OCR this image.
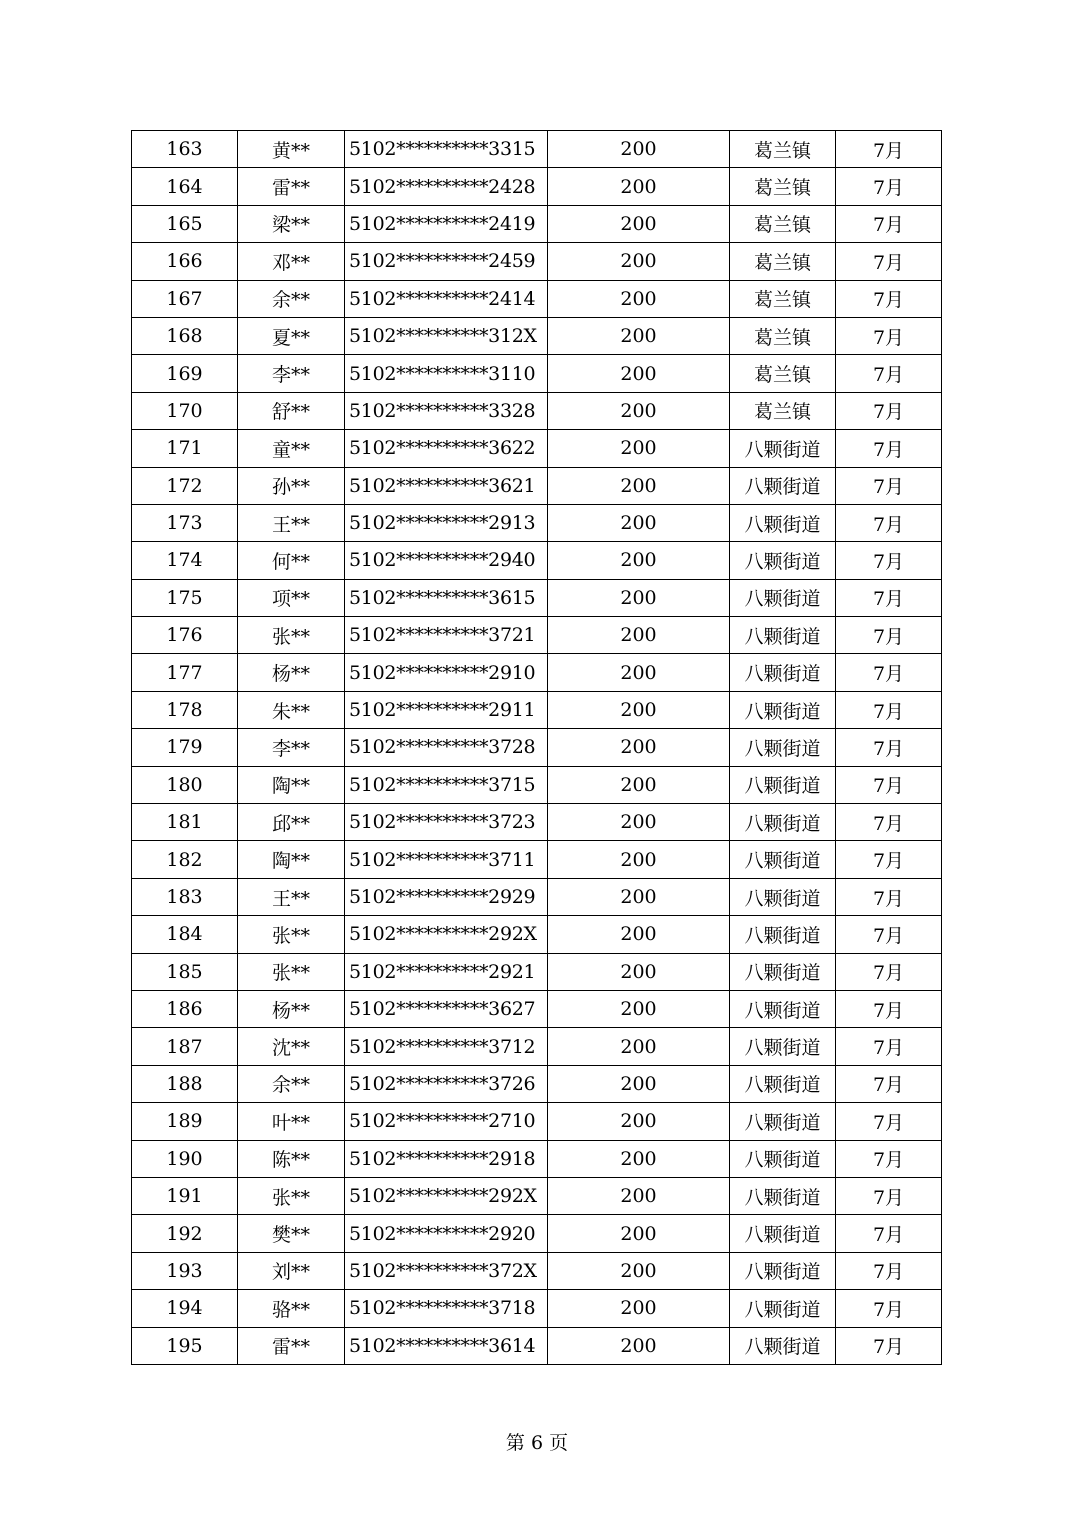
163	黄**	5102**********3315	200	葛兰镇	7月
164	雷**	5102**********2428	200	葛兰镇	7月
165	梁**	5102**********2419	200	葛兰镇	7月
166	邓**	5102**********2459	200	葛兰镇	7月
167	余**	5102**********2414	200	葛兰镇	7月
168	夏**	5102**********312X	200	葛兰镇	7月
169	李**	5102**********3110	200	葛兰镇	7月
170	舒**	5102**********3328	200	葛兰镇	7月
171	童**	5102**********3622	200	八颗街道	7月
172	孙**	5102**********3621	200	八颗街道	7月
173	王**	5102**********2913	200	八颗街道	7月
174	何**	5102**********2940	200	八颗街道	7月
175	项**	5102**********3615	200	八颗街道	7月
176	张**	5102**********3721	200	八颗街道	7月
177	杨**	5102**********2910	200	八颗街道	7月
178	朱**	5102**********2911	200	八颗街道	7月
179	李**	5102**********3728	200	八颗街道	7月
180	陶**	5102**********3715	200	八颗街道	7月
181	邱**	5102**********3723	200	八颗街道	7月
182	陶**	5102**********3711	200	八颗街道	7月
183	王**	5102**********2929	200	八颗街道	7月
184	张**	5102**********292X	200	八颗街道	7月
185	张**	5102**********2921	200	八颗街道	7月
186	杨**	5102**********3627	200	八颗街道	7月
187	沈**	5102**********3712	200	八颗街道	7月
188	余**	5102**********3726	200	八颗街道	7月
189	叶**	5102**********2710	200	八颗街道	7月
190	陈**	5102**********2918	200	八颗街道	7月
191	张**	5102**********292X	200	八颗街道	7月
192	樊**	5102**********2920	200	八颗街道	7月
193	刘**	5102**********372X	200	八颗街道	7月
194	骆**	5102**********3718	200	八颗街道	7月
195	雷**	5102**********3614	200	八颗街道	7月
第 6 页
